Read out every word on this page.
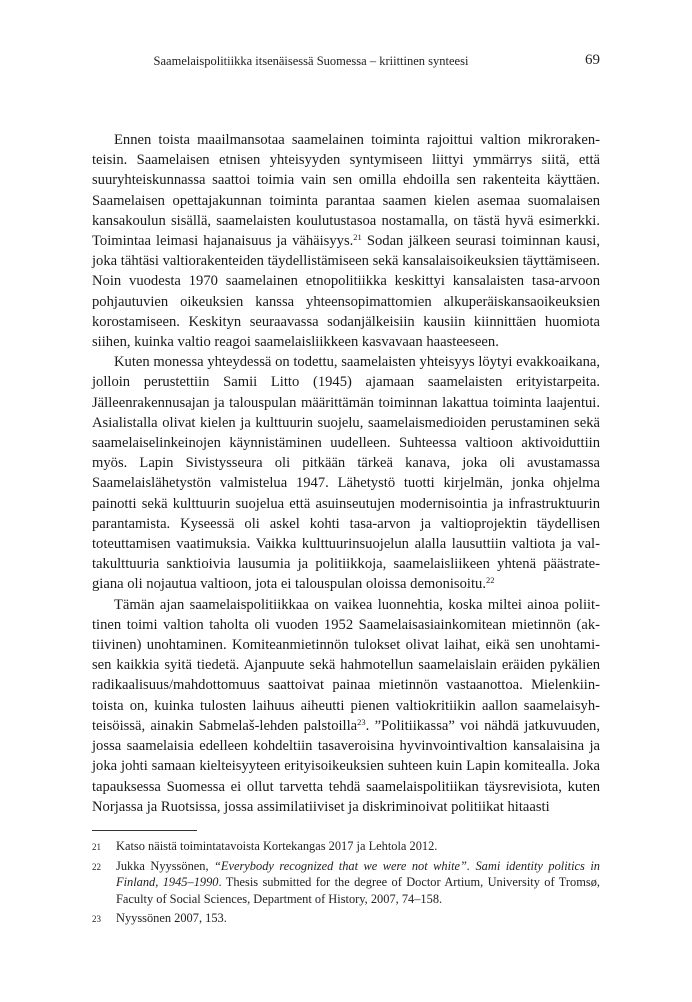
Saamelaispolitiikka itsenäisessä Suomessa – kriittinen synteesi	69

Ennen toista maailmansotaa saamelainen toiminta rajoittui valtion mikrorakenteisin. Saamelaisen etnisen yhteisyyden syntymiseen liittyi ymmärrys siitä, että suuryhteiskunnassa saattoi toimia vain sen omilla ehdoilla sen rakenteita käyttäen. Saamelaisen opettajakunnan toiminta parantaa saamen kielen asemaa suomalaisen kansakoulun sisällä, saamelaisten koulutustasoa nostamalla, on tästä hyvä esimerkki. Toimintaa leimasi hajanaisuus ja vähäisyys.$^{21}$ Sodan jälkeen seurasi toiminnan kausi, joka tähtäsi valtiorakenteiden täydellistämiseen sekä kansalaisoikeuksien täyttämiseen. Noin vuodesta 1970 saamelainen etnopolitiikka keskittyi kansalaisten tasa-arvoon pohjautuvien oikeuksien kanssa yhteensopimattomien alkuperäiskansaoikeuksien korostamiseen. Keskityn seuraavassa sodanjälkeisiin kausiin kiinnittäen huomiota siihen, kuinka valtio reagoi saamelaisliikkeen kasvavaan haasteeseen.

Kuten monessa yhteydessä on todettu, saamelaisten yhteisyys löytyi evakkoaikana, jolloin perustettiin Samii Litto (1945) ajamaan saamelaisten erityistarpeita. Jälleenrakennusajan ja talouspulan määrittämän toiminnan lakattua toiminta laajentui. Asialistalla olivat kielen ja kulttuurin suojelu, saamelaismedioiden perustaminen sekä saamelaiselinkeinojen käynnistäminen uudelleen. Suhteessa valtioon aktivoiduttiin myös. Lapin Sivistysseura oli pitkään tärkeä kanava, joka oli avustamassa Saamelaislähetystön valmistelua 1947. Lähetystö tuotti kirjelmän, jonka ohjelma painotti sekä kulttuurin suojelua että asuinseutujen modernisointia ja infrastruktuurin parantamista. Kyseessä oli askel kohti tasa-arvon ja valtioprojektin täydellisen toteuttamisen vaatimuksia. Vaikka kulttuurinsuojelun alalla lausuttiin valtiota ja valtakulttuuria sanktioivia lausumia ja politiikkoja, saamelaisliikeen yhtenä päästrategiana oli nojautua valtioon, jota ei talouspulan oloissa demonisoitu.$^{22}$

Tämän ajan saamelaispolitiikkaa on vaikea luonnehtia, koska miltei ainoa poliittinen toimi valtion taholta oli vuoden 1952 Saamelaisasiainkomitean mietinnön (aktiivinen) unohtaminen. Komiteanmietinnön tulokset olivat laihat, eikä sen unohtamisen kaikkia syitä tiedetä. Ajanpuute sekä hahmotellun saamelaislain eräiden pykälien radikaalisuus/mahdottomuus saattoivat painaa mietinnön vastaanottoa. Mielenkiintoista on, kuinka tulosten laihuus aiheutti pienen valtiokritiikin aallon saamelaisyhteisöissä, ainakin Sabmelaš-lehden palstoilla$^{23}$. ”Politiikassa” voi nähdä jatkuvuuden, jossa saamelaisia edelleen kohdeltiin tasaveroisina hyvinvointivaltion kansalaisina ja joka johti samaan kielteisyyteen erityisoikeuksien suhteen kuin Lapin komitealla. Joka tapauksessa Suomessa ei ollut tarvetta tehdä saamelaispolitiikan täysrevisiota, kuten Norjassa ja Ruotsissa, jossa assimilatiiviset ja diskriminoivat politiikat hitaasti

21	Katso näistä toimintatavoista Kortekangas 2017 ja Lehtola 2012.
22	Jukka Nyyssönen, “Everybody recognized that we were not white”. Sami identity politics in Finland, 1945–1990. Thesis submitted for the degree of Doctor Artium, University of Tromsø, Faculty of Social Sciences, Department of History, 2007, 74–158.
23	Nyyssönen 2007, 153.
